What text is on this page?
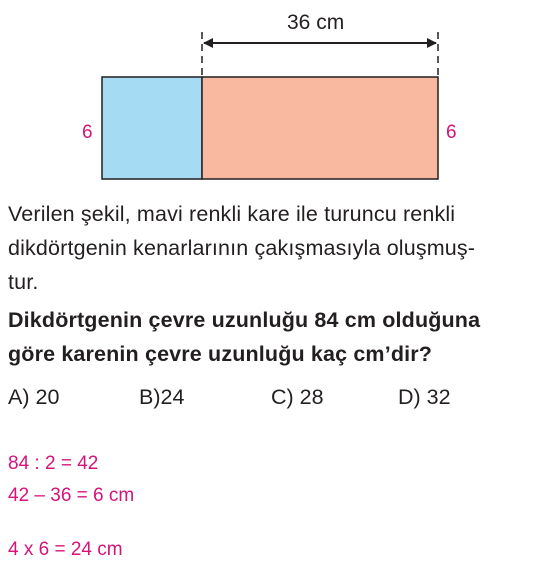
36 cm
6	6
Verilen şekil, mavi renkli kare ile turuncu renkli
dikdörtgenin kenarlarının çakışmasıyla oluşmuş-
tur.
Dikdörtgenin çevre uzunluğu 84 cm olduğuna
göre karenin çevre uzunluğu kaç cm’dir?
A) 20	B)24	C) 28	D) 32
84 : 2 = 42
42 – 36 = 6 cm
4 x 6 = 24 cm
